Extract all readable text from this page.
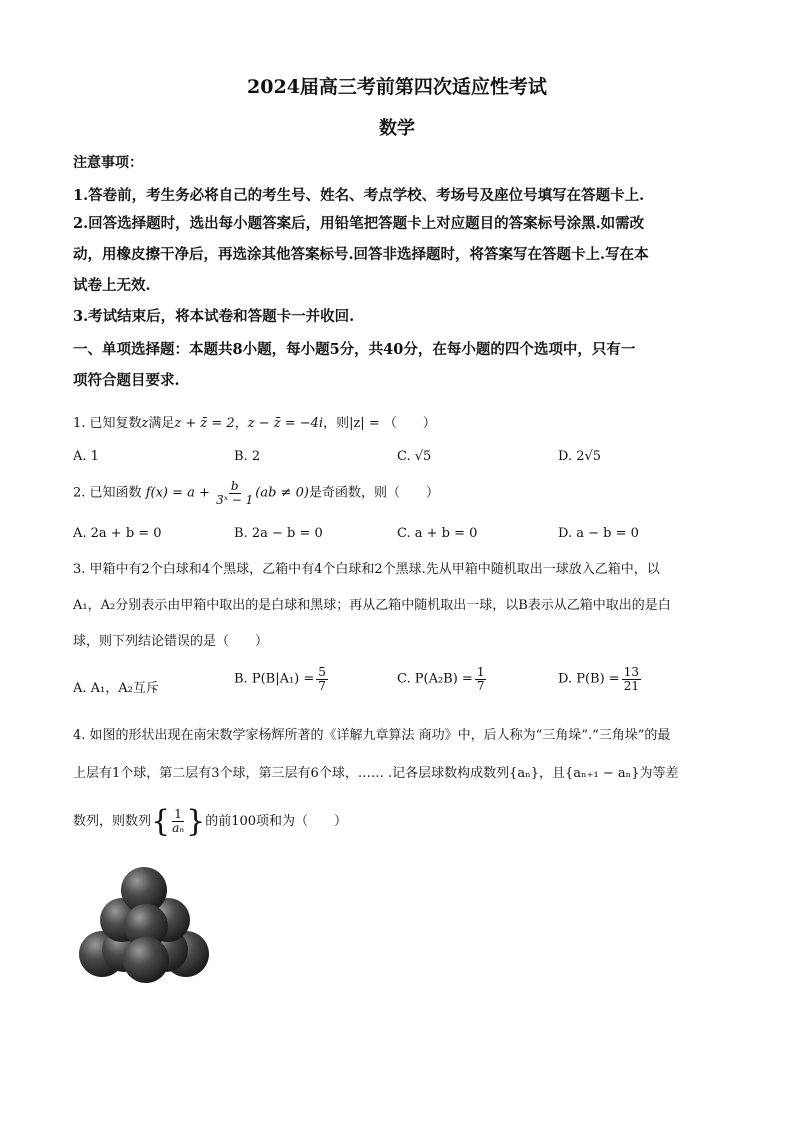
2024届高三考前第四次适应性考试
数学
注意事项：
1.答卷前，考生务必将自己的考生号、姓名、考点学校、考场号及座位号填写在答题卡上.
2.回答选择题时，选出每小题答案后，用铅笔把答题卡上对应题目的答案标号涂黑.如需改
动，用橡皮擦干净后，再选涂其他答案标号.回答非选择题时，将答案写在答题卡上.写在本
试卷上无效.
3.考试结束后，将本试卷和答题卡一并收回.
一、单项选择题：本题共8小题，每小题5分，共40分，在每小题的四个选项中，只有一
项符合题目要求.
1. 已知复数z满足z + z̄ = 2，z − z̄ = −4i，则|z| = （　　）
A. 1	B. 2	C. √5	D. 2√5
2. 已知函数 $f(x) = a + \frac{b}{\text{3ˣ − 1}} (ab \ne 0)$是奇函数，则（　　）
A. 2a + b = 0	B. 2a − b = 0	C. a + b = 0	D. a − b = 0
3. 甲箱中有2个白球和4个黑球，乙箱中有4个白球和2个黑球.先从甲箱中随机取出一球放入乙箱中，以
A₁，A₂分别表示由甲箱中取出的是白球和黑球；再从乙箱中随机取出一球，以B表示从乙箱中取出的是白
球，则下列结论错误的是（　　）
A. A₁，A₂互斥
B. $P(B|A_1) = \frac{5}{7}$	C. $P(A_2B) = \frac{1}{7}$	D. $P(B) = \frac{13}{21}$
4. 如图的形状出现在南宋数学家杨辉所著的《详解九章算法 商功》中，后人称为“三角垛”.“三角垛”的最
上层有1个球，第二层有3个球，第三层有6个球，…… .记各层球数构成数列{aₙ}，且{aₙ₊₁ − aₙ}为等差
数列，则数列{ $\frac{1}{\text{aₙ}}$ }的前100项和为（　　）
